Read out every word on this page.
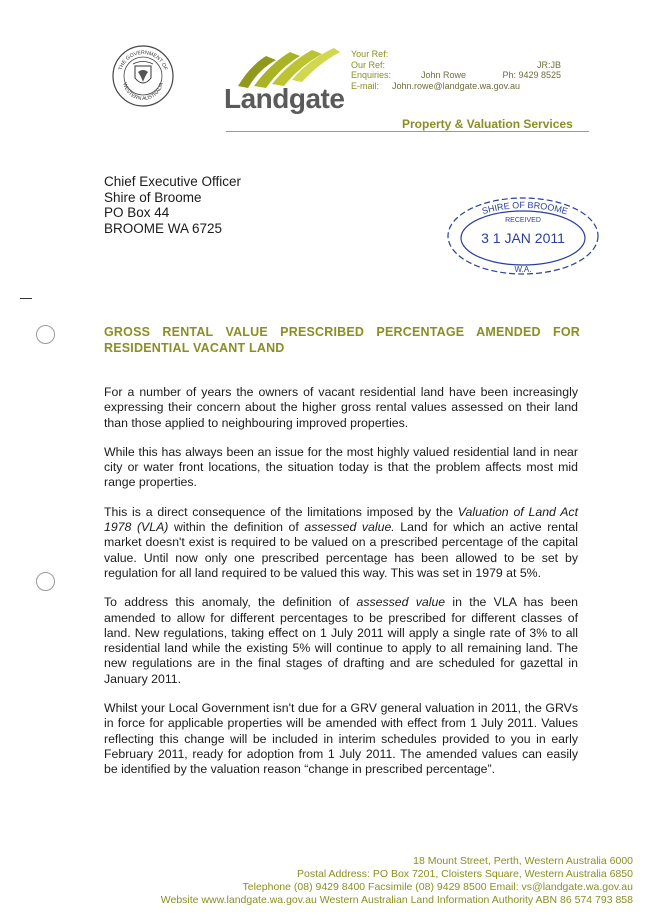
THE GOVERNMENT OF
WESTERN AUSTRALIA Landgate
Your Ref:
Our Ref:	JR:JB
Enquiries:	John Rowe	Ph: 9429 8525
E-mail:	John.rowe@landgate.wa.gov.au
Property & Valuation Services
Chief Executive Officer
Shire of Broome
PO Box 44
BROOME WA 6725
SHIRE OF BROOME
RECEIVED
3 1 JAN 2011
W.A.
GROSS RENTAL VALUE PRESCRIBED PERCENTAGE AMENDED FOR RESIDENTIAL VACANT LAND

For a number of years the owners of vacant residential land have been increasingly expressing their concern about the higher gross rental values assessed on their land than those applied to neighbouring improved properties.

While this has always been an issue for the most highly valued residential land in near city or water front locations, the situation today is that the problem affects most mid range properties.

This is a direct consequence of the limitations imposed by the Valuation of Land Act 1978 (VLA) within the definition of assessed value. Land for which an active rental market doesn't exist is required to be valued on a prescribed percentage of the capital value. Until now only one prescribed percentage has been allowed to be set by regulation for all land required to be valued this way. This was set in 1979 at 5%.

To address this anomaly, the definition of assessed value in the VLA has been amended to allow for different percentages to be prescribed for different classes of land. New regulations, taking effect on 1 July 2011 will apply a single rate of 3% to all residential land while the existing 5% will continue to apply to all remaining land. The new regulations are in the final stages of drafting and are scheduled for gazettal in January 2011.

Whilst your Local Government isn't due for a GRV general valuation in 2011, the GRVs in force for applicable properties will be amended with effect from 1 July 2011. Values reflecting this change will be included in interim schedules provided to you in early February 2011, ready for adoption from 1 July 2011. The amended values can easily be identified by the valuation reason “change in prescribed percentage”.

18 Mount Street, Perth, Western Australia 6000
Postal Address: PO Box 7201, Cloisters Square, Western Australia 6850
Telephone (08) 9429 8400 Facsimile (08) 9429 8500 Email: vs@landgate.wa.gov.au
Website www.landgate.wa.gov.au Western Australian Land Information Authority ABN 86 574 793 858
